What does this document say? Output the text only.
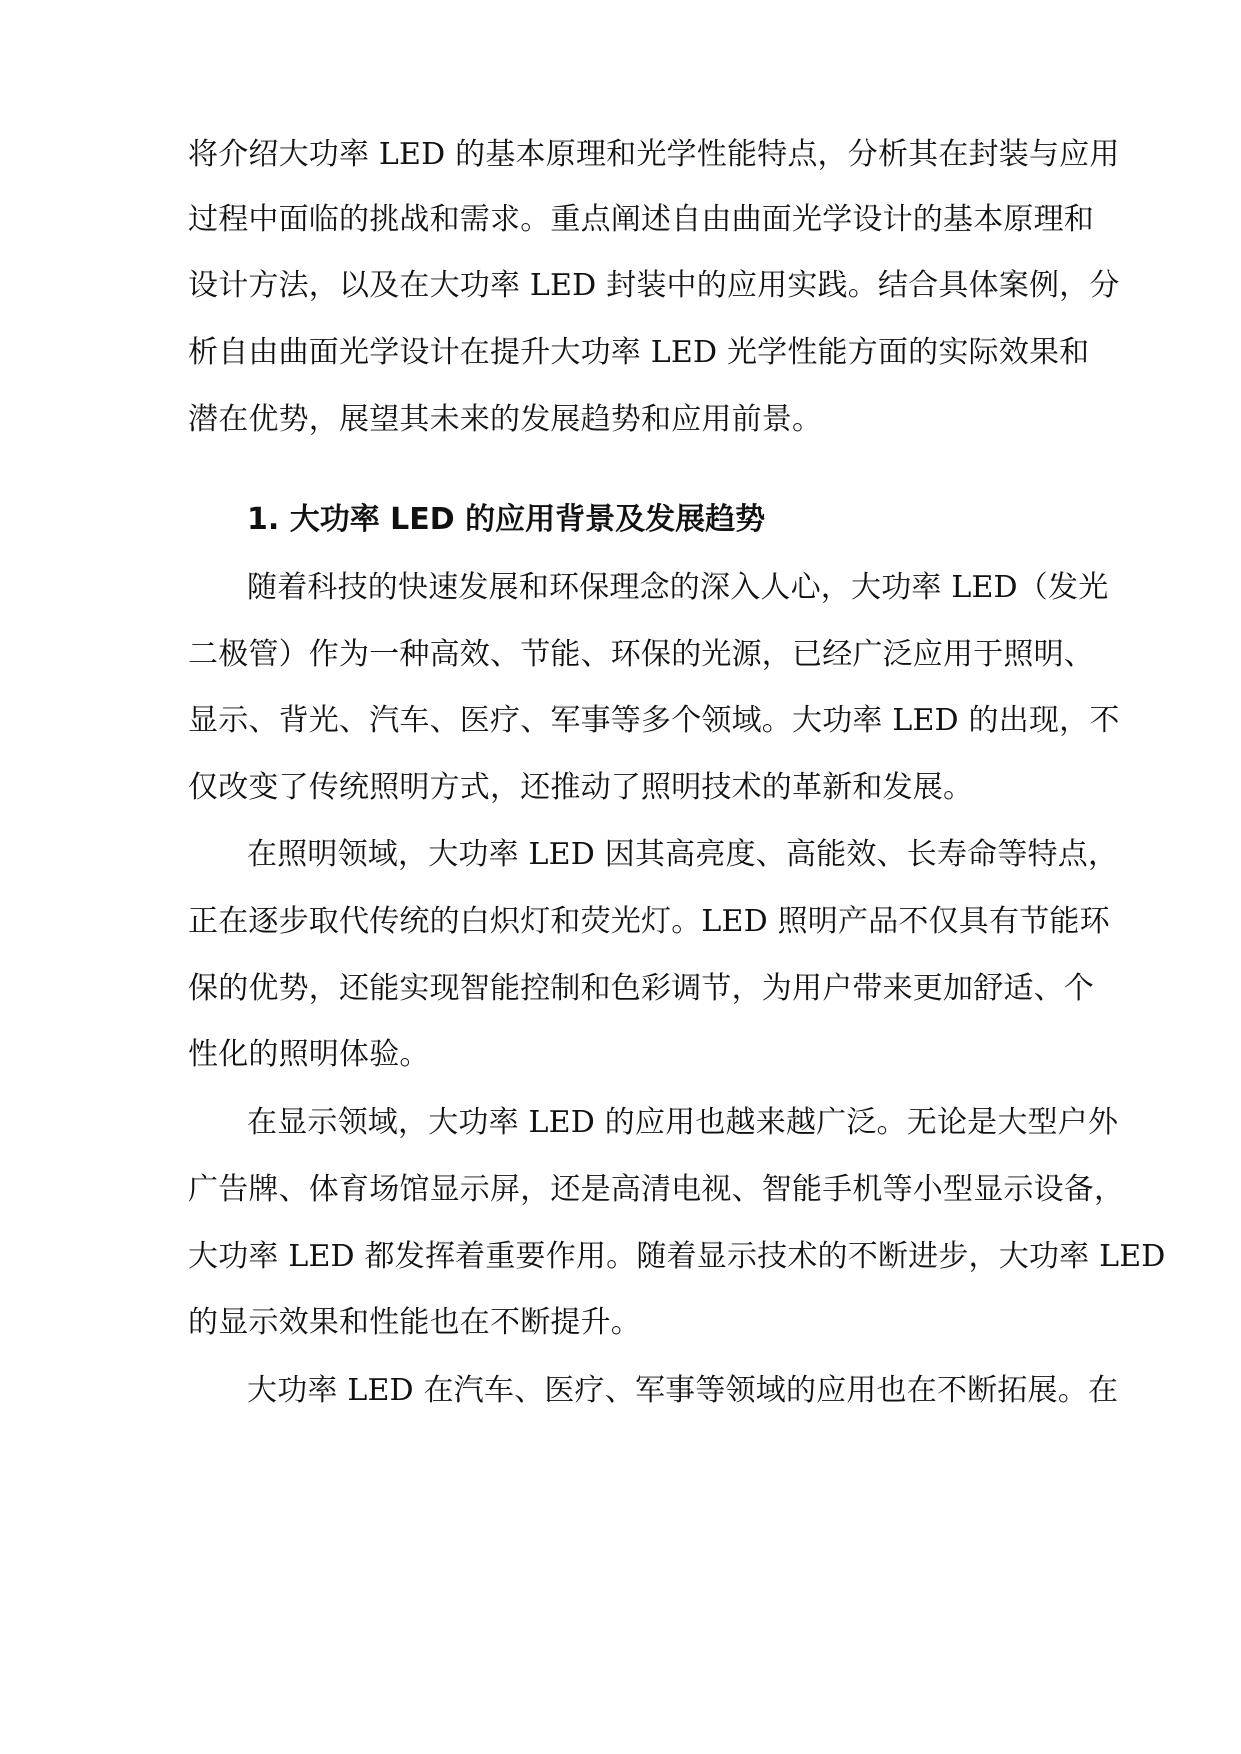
将介绍大功率 LED 的基本原理和光学性能特点，分析其在封装与应用
过程中面临的挑战和需求。重点阐述自由曲面光学设计的基本原理和
设计方法，以及在大功率 LED 封装中的应用实践。结合具体案例，分
析自由曲面光学设计在提升大功率 LED 光学性能方面的实际效果和
潜在优势，展望其未来的发展趋势和应用前景。
1. 大功率 LED 的应用背景及发展趋势
随着科技的快速发展和环保理念的深入人心，大功率 LED（发光
二极管）作为一种高效、节能、环保的光源，已经广泛应用于照明、
显示、背光、汽车、医疗、军事等多个领域。大功率 LED 的出现，不
仅改变了传统照明方式，还推动了照明技术的革新和发展。
在照明领域，大功率 LED 因其高亮度、高能效、长寿命等特点，
正在逐步取代传统的白炽灯和荧光灯。LED 照明产品不仅具有节能环
保的优势，还能实现智能控制和色彩调节，为用户带来更加舒适、个
性化的照明体验。
在显示领域，大功率 LED 的应用也越来越广泛。无论是大型户外
广告牌、体育场馆显示屏，还是高清电视、智能手机等小型显示设备，
大功率 LED 都发挥着重要作用。随着显示技术的不断进步，大功率 LED
的显示效果和性能也在不断提升。
大功率 LED 在汽车、医疗、军事等领域的应用也在不断拓展。在
